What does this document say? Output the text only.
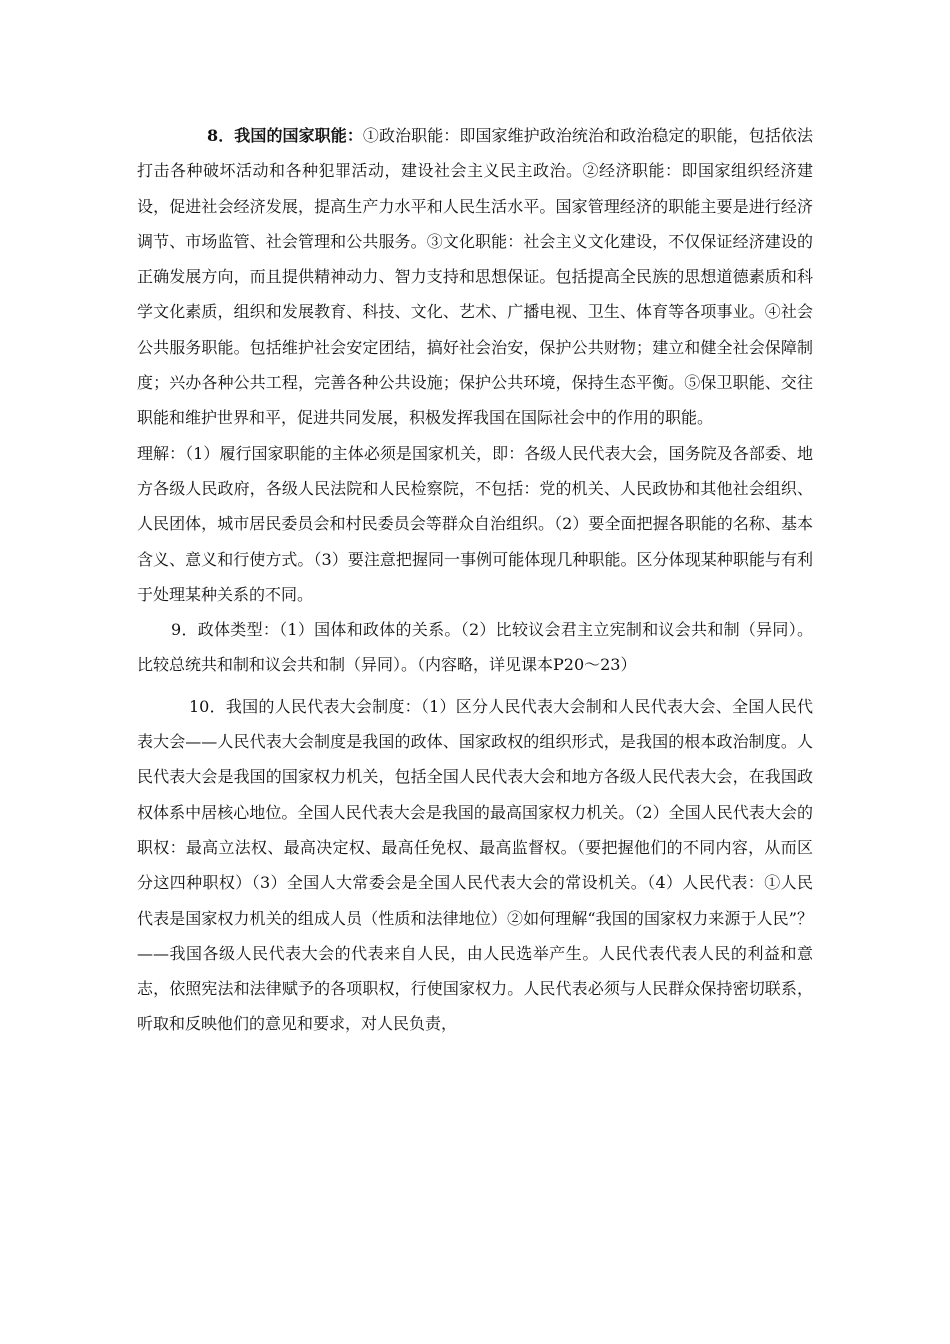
8．我国的国家职能：①政治职能：即国家维护政治统治和政治稳定的职能，包括依法打击各种破坏活动和各种犯罪活动，建设社会主义民主政治。②经济职能：即国家组织经济建设，促进社会经济发展，提高生产力水平和人民生活水平。国家管理经济的职能主要是进行经济调节、市场监管、社会管理和公共服务。③文化职能：社会主义文化建设，不仅保证经济建设的正确发展方向，而且提供精神动力、智力支持和思想保证。包括提高全民族的思想道德素质和科学文化素质，组织和发展教育、科技、文化、艺术、广播电视、卫生、体育等各项事业。④社会公共服务职能。包括维护社会安定团结，搞好社会治安，保护公共财物；建立和健全社会保障制度；兴办各种公共工程，完善各种公共设施；保护公共环境，保持生态平衡。⑤保卫职能、交往职能和维护世界和平，促进共同发展，积极发挥我国在国际社会中的作用的职能。

理解：（1）履行国家职能的主体必须是国家机关，即：各级人民代表大会，国务院及各部委、地方各级人民政府，各级人民法院和人民检察院，不包括：党的机关、人民政协和其他社会组织、人民团体，城市居民委员会和村民委员会等群众自治组织。（2）要全面把握各职能的名称、基本含义、意义和行使方式。（3）要注意把握同一事例可能体现几种职能。区分体现某种职能与有利于处理某种关系的不同。

9．政体类型：（1）国体和政体的关系。（2）比较议会君主立宪制和议会共和制（异同）。比较总统共和制和议会共和制（异同）。（内容略，详见课本P20～23）

10．我国的人民代表大会制度：（1）区分人民代表大会制和人民代表大会、全国人民代表大会——人民代表大会制度是我国的政体、国家政权的组织形式，是我国的根本政治制度。人民代表大会是我国的国家权力机关，包括全国人民代表大会和地方各级人民代表大会，在我国政权体系中居核心地位。全国人民代表大会是我国的最高国家权力机关。（2）全国人民代表大会的职权：最高立法权、最高决定权、最高任免权、最高监督权。（要把握他们的不同内容，从而区分这四种职权）（3）全国人大常委会是全国人民代表大会的常设机关。（4）人民代表：①人民代表是国家权力机关的组成人员（性质和法律地位）②如何理解“我国的国家权力来源于人民”？——我国各级人民代表大会的代表来自人民，由人民选举产生。人民代表代表人民的利益和意志，依照宪法和法律赋予的各项职权，行使国家权力。人民代表必须与人民群众保持密切联系，听取和反映他们的意见和要求，对人民负责，
